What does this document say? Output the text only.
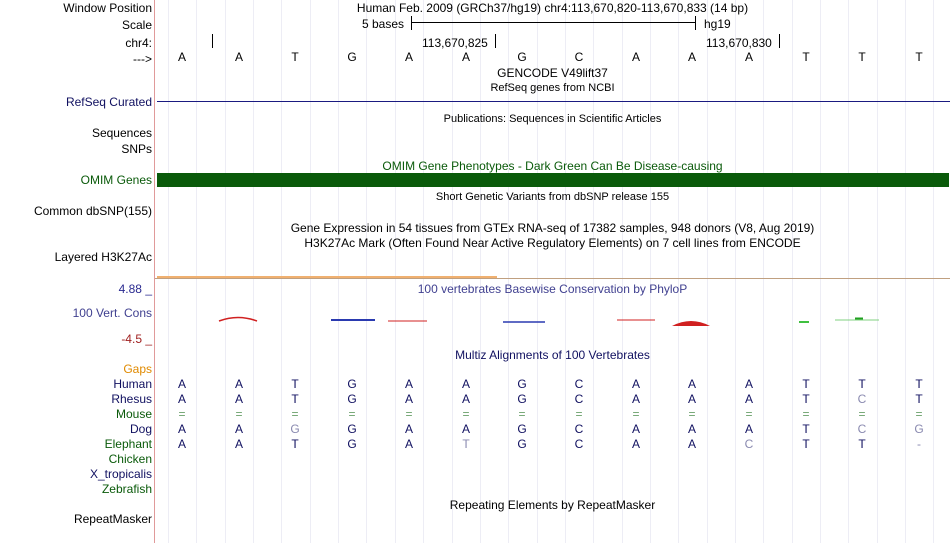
Window Position	Human Feb. 2009 (GRCh37/hg19) chr4:113,670,820-113,670,833 (14 bp)
Scale	5 bases	hg19
chr4:	113,670,825	113,670,830
--->	A	A	T	G	A	A	G	C	A	A	A	T	T	T
GENCODE V49lift37
RefSeq genes from NCBI
RefSeq Curated
Publications: Sequences in Scientific Articles
Sequences
SNPs
OMIM Gene Phenotypes - Dark Green Can Be Disease-causing
OMIM Genes
Short Genetic Variants from dbSNP release 155
Common dbSNP(155)
Gene Expression in 54 tissues from GTEx RNA-seq of 17382 samples, 948 donors (V8, Aug 2019)
H3K27Ac Mark (Often Found Near Active Regulatory Elements) on 7 cell lines from ENCODE
Layered H3K27Ac
4.88 _	100 vertebrates Basewise Conservation by PhyloP
100 Vert. Cons
-4.5 _
Multiz Alignments of 100 Vertebrates
Gaps
Human	A	A	T	G	A	A	G	C	A	A	A	T	T	T
Rhesus	A	A	T	G	A	A	G	C	A	A	A	T	C	T
Mouse	=	=	=	=	=	=	=	=	=	=	=	=	=	=
Dog	A	A	G	G	A	A	G	C	A	A	A	T	C	G
Elephant	A	A	T	G	A	T	G	C	A	A	C	T	T	-
Chicken
X_tropicalis
Zebrafish
Repeating Elements by RepeatMasker
RepeatMasker
